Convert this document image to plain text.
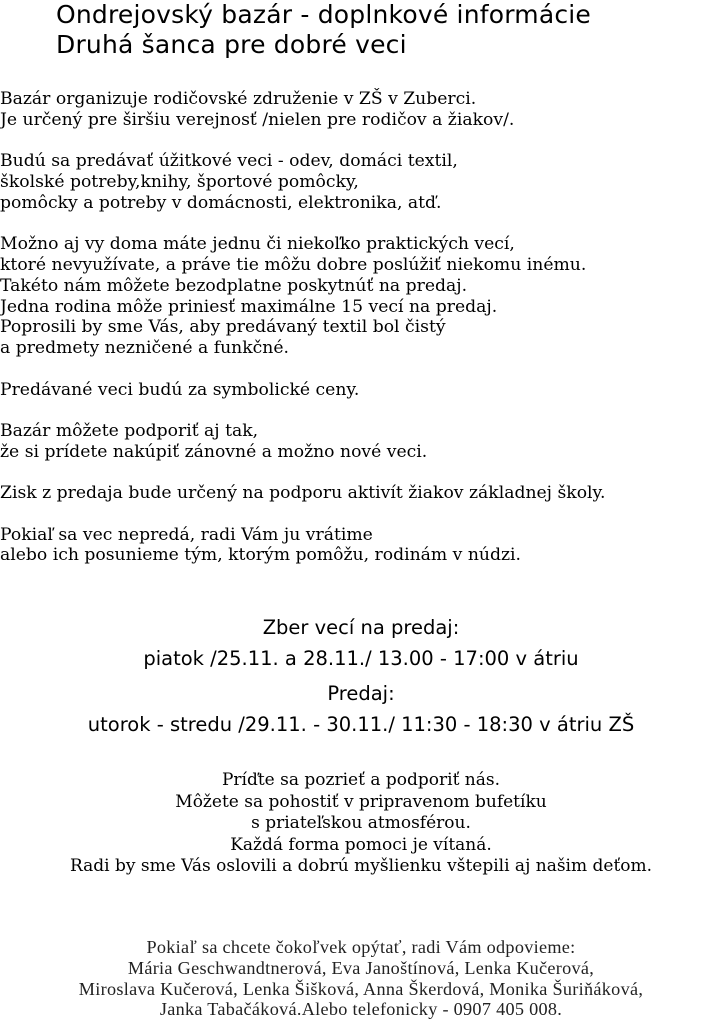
Ondrejovský bazár - doplnkové informácie
Druhá šanca pre dobré veci
Bazár organizuje rodičovské združenie v ZŠ v Zuberci.
Je určený pre širšiu verejnosť /nielen pre rodičov a žiakov/.
Budú sa predávať úžitkové veci - odev, domáci textil,
školské potreby,knihy, športové pomôcky,
pomôcky a potreby v domácnosti, elektronika, atď.
Možno aj vy doma máte jednu či niekoľko praktických vecí,
ktoré nevyužívate, a práve tie môžu dobre poslúžiť niekomu inému.
Takéto nám môžete bezodplatne poskytnúť na predaj.
Jedna rodina môže priniesť maximálne 15 vecí na predaj.
Poprosili by sme Vás, aby predávaný textil bol čistý
a predmety nezničené a funkčné.
Predávané veci budú za symbolické ceny.
Bazár môžete podporiť aj tak,
že si prídete nakúpiť zánovné a možno nové veci.
Zisk z predaja bude určený na podporu aktivít žiakov základnej školy.
Pokiaľ sa vec nepredá, radi Vám ju vrátime
alebo ich posunieme tým, ktorým pomôžu, rodinám v núdzi.
Zber vecí na predaj:
piatok /25.11. a 28.11./ 13.00 - 17:00 v átriu
Predaj:
utorok - stredu /29.11. - 30.11./ 11:30 - 18:30 v átriu ZŠ
Príďte sa pozrieť a podporiť nás.
Môžete sa pohostiť v pripravenom bufetíku
s priateľskou atmosférou.
Každá forma pomoci je vítaná.
Radi by sme Vás oslovili a dobrú myšlienku vštepili aj našim deťom.
Pokiaľ sa chcete čokoľvek opýtať, radi Vám odpovieme:
Mária Geschwandtnerová, Eva Janoštínová, Lenka Kučerová,
Miroslava Kučerová, Lenka Šišková, Anna Škerdová, Monika Šuriňáková,
Janka Tabačáková.Alebo telefonicky - 0907 405 008.
